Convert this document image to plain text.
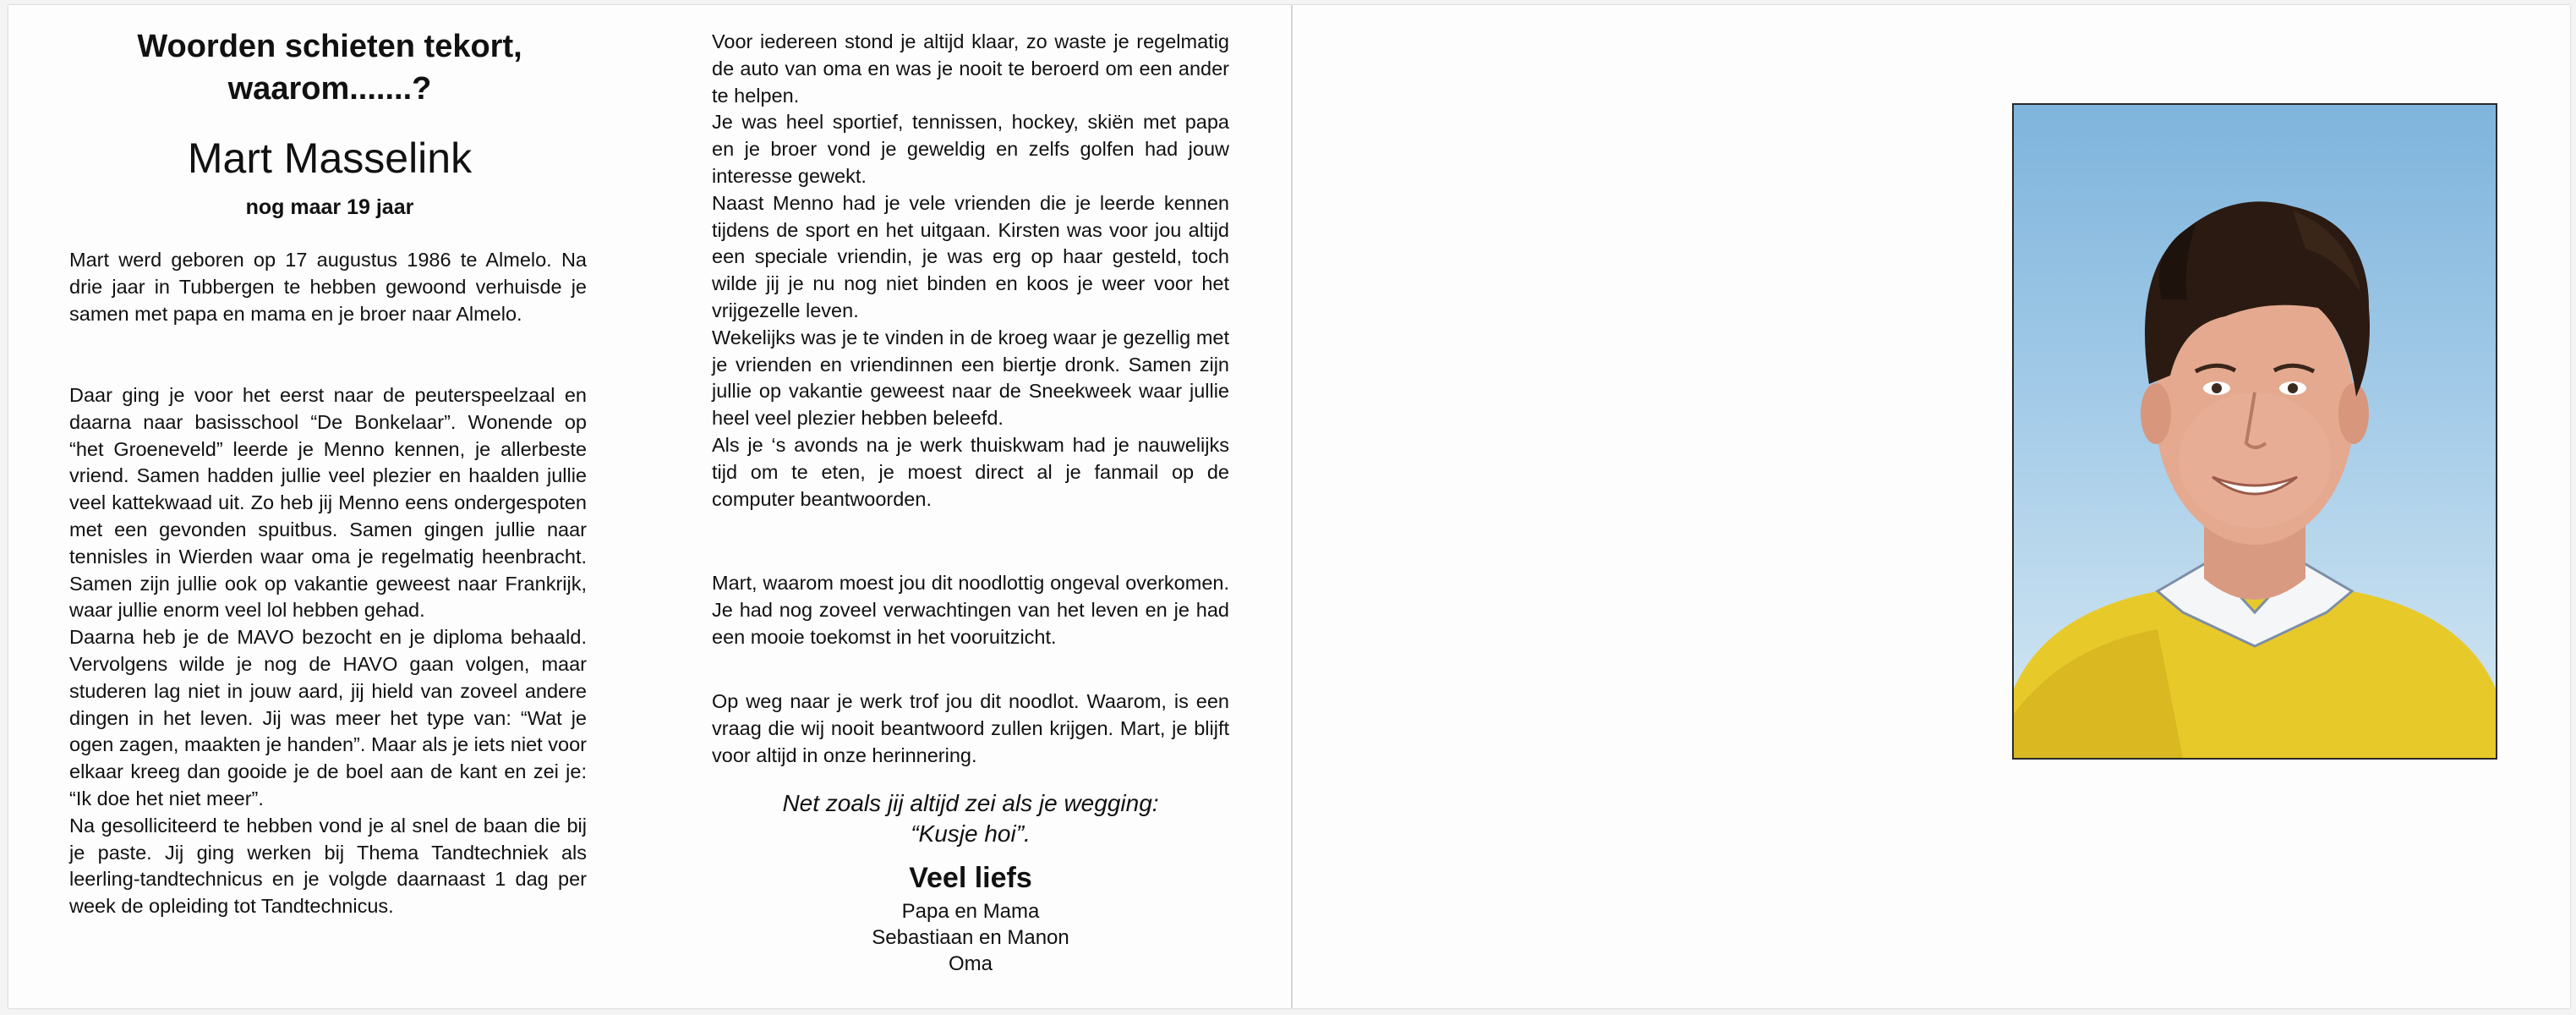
Woorden schieten tekort,
waarom.......?
Mart Masselink
nog maar 19 jaar
Mart werd geboren op 17 augustus 1986 te Almelo. Na drie jaar in Tubbergen te hebben gewoond verhuisde je samen met papa en mama en je broer naar Almelo.
Daar ging je voor het eerst naar de peuterspeelzaal en daarna naar basisschool “De Bonkelaar”. Wonende op “het Groeneveld” leerde je Menno kennen, je allerbeste vriend. Samen hadden jullie veel plezier en haalden jullie veel kattekwaad uit. Zo heb jij Menno eens ondergespoten met een gevonden spuitbus. Samen gingen jullie naar tennisles in Wierden waar oma je regelmatig heenbracht. Samen zijn jullie ook op vakantie geweest naar Frankrijk, waar jullie enorm veel lol hebben gehad.
Daarna heb je de MAVO bezocht en je diploma behaald. Vervolgens wilde je nog de HAVO gaan volgen, maar studeren lag niet in jouw aard, jij hield van zoveel andere dingen in het leven. Jij was meer het type van: “Wat je ogen zagen, maakten je handen”. Maar als je iets niet voor elkaar kreeg dan gooide je de boel aan de kant en zei je: “Ik doe het niet meer”.
Na gesolliciteerd te hebben vond je al snel de baan die bij je paste. Jij ging werken bij Thema Tandtechniek als leerling-tandtechnicus en je volgde daarnaast 1 dag per week de opleiding tot Tandtechnicus.
Voor iedereen stond je altijd klaar, zo waste je regelmatig de auto van oma en was je nooit te beroerd om een ander te helpen.
Je was heel sportief, tennissen, hockey, skiën met papa en je broer vond je geweldig en zelfs golfen had jouw interesse gewekt.
Naast Menno had je vele vrienden die je leerde kennen tijdens de sport en het uitgaan. Kirsten was voor jou altijd een speciale vriendin, je was erg op haar gesteld, toch wilde jij je nu nog niet binden en koos je weer voor het vrijgezelle leven.
Wekelijks was je te vinden in de kroeg waar je gezellig met je vrienden en vriendinnen een biertje dronk. Samen zijn jullie op vakantie geweest naar de Sneekweek waar jullie heel veel plezier hebben beleefd.
Als je ‘s avonds na je werk thuiskwam had je nauwelijks tijd om te eten, je moest direct al je fanmail op de computer beantwoorden.
Mart, waarom moest jou dit noodlottig ongeval overkomen. Je had nog zoveel verwachtingen van het leven en je had een mooie toekomst in het vooruitzicht.
Op weg naar je werk trof jou dit noodlot. Waarom, is een vraag die wij nooit beantwoord zullen krijgen. Mart, je blijft voor altijd in onze herinnering.
Net zoals jij altijd zei als je wegging:
“Kusje hoi”.
Veel liefs
Papa en Mama
Sebastiaan en Manon
Oma
